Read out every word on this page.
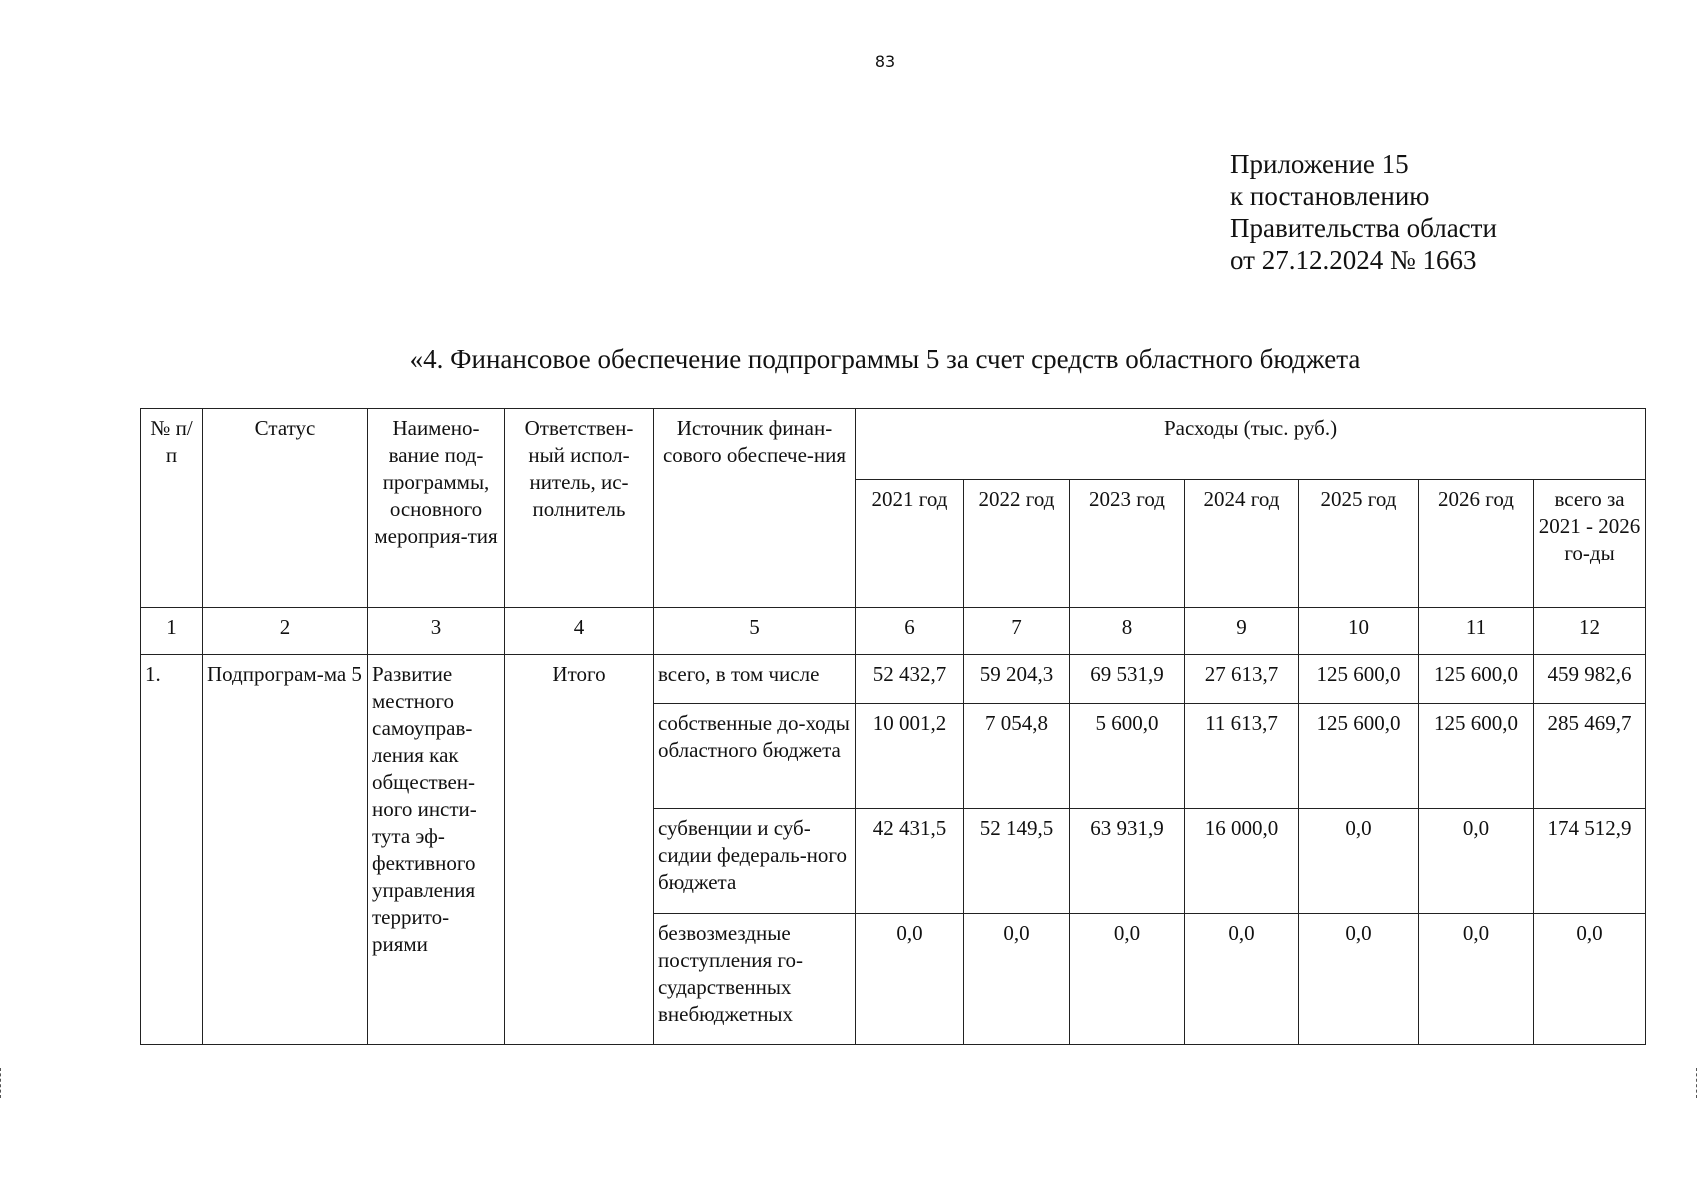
83
Приложение 15
к постановлению
Правительства области
от 27.12.2024 № 1663
«4. Финансовое обеспечение подпрограммы 5 за счет средств областного бюджета
№ п/п	Статус	Наимено-вание под-программы, основного мероприя-тия	Ответствен-ный испол-нитель, ис-полнитель	Источник финан-сового обеспече-ния	Расходы (тыс. руб.)						
					2021 год	2022 год	2023 год	2024 год	2025 год	2026 год	всего за 2021 - 2026 го-ды
1	2	3	4	5	6	7	8	9	10	11	12
1.	Подпрограм-ма 5	Развитие местного самоуправ-ления как обществен-ного инсти-тута эф-фективного управления террито-риями	Итого	всего, в том числе	52 432,7	59 204,3	69 531,9	27 613,7	125 600,0	125 600,0	459 982,6
				собственные до-ходы областного бюджета	10 001,2	7 054,8	5 600,0	11 613,7	125 600,0	125 600,0	285 469,7
				субвенции и суб-сидии федераль-ного бюджета	42 431,5	52 149,5	63 931,9	16 000,0	0,0	0,0	174 512,9
				безвозмездные поступления го-сударственных внебюджетных	0,0	0,0	0,0	0,0	0,0	0,0	0,0
